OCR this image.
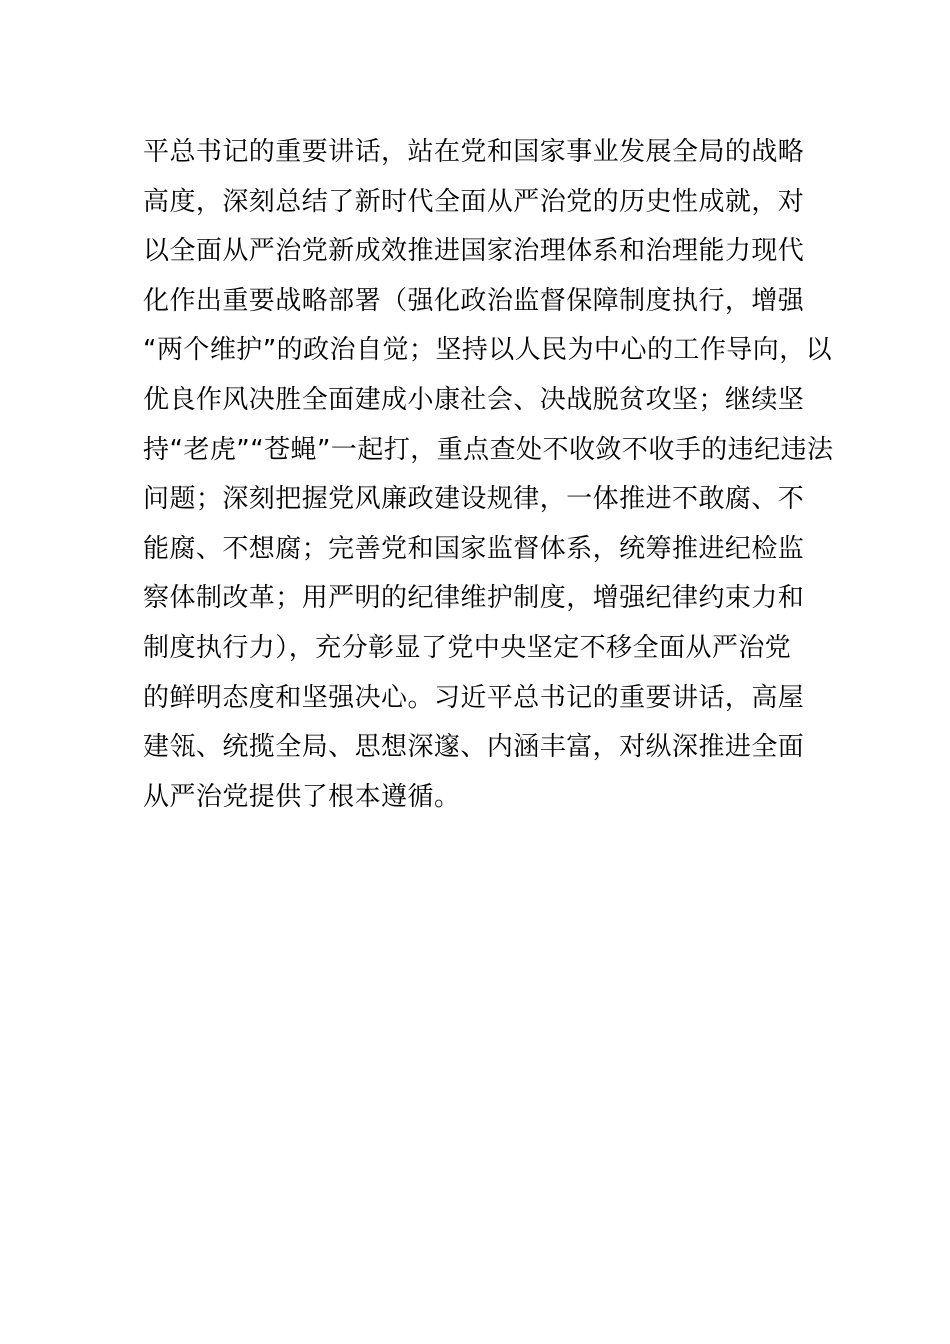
平总书记的重要讲话，站在党和国家事业发展全局的战略
高度，深刻总结了新时代全面从严治党的历史性成就，对
以全面从严治党新成效推进国家治理体系和治理能力现代
化作出重要战略部署（强化政治监督保障制度执行，增强
“两个维护”的政治自觉；坚持以人民为中心的工作导向，以
优良作风决胜全面建成小康社会、决战脱贫攻坚；继续坚
持“老虎”“苍蝇”一起打，重点查处不收敛不收手的违纪违法
问题；深刻把握党风廉政建设规律，一体推进不敢腐、不
能腐、不想腐；完善党和国家监督体系，统筹推进纪检监
察体制改革；用严明的纪律维护制度，增强纪律约束力和
制度执行力），充分彰显了党中央坚定不移全面从严治党
的鲜明态度和坚强决心。习近平总书记的重要讲话，高屋
建瓴、统揽全局、思想深邃、内涵丰富，对纵深推进全面
从严治党提供了根本遵循。
